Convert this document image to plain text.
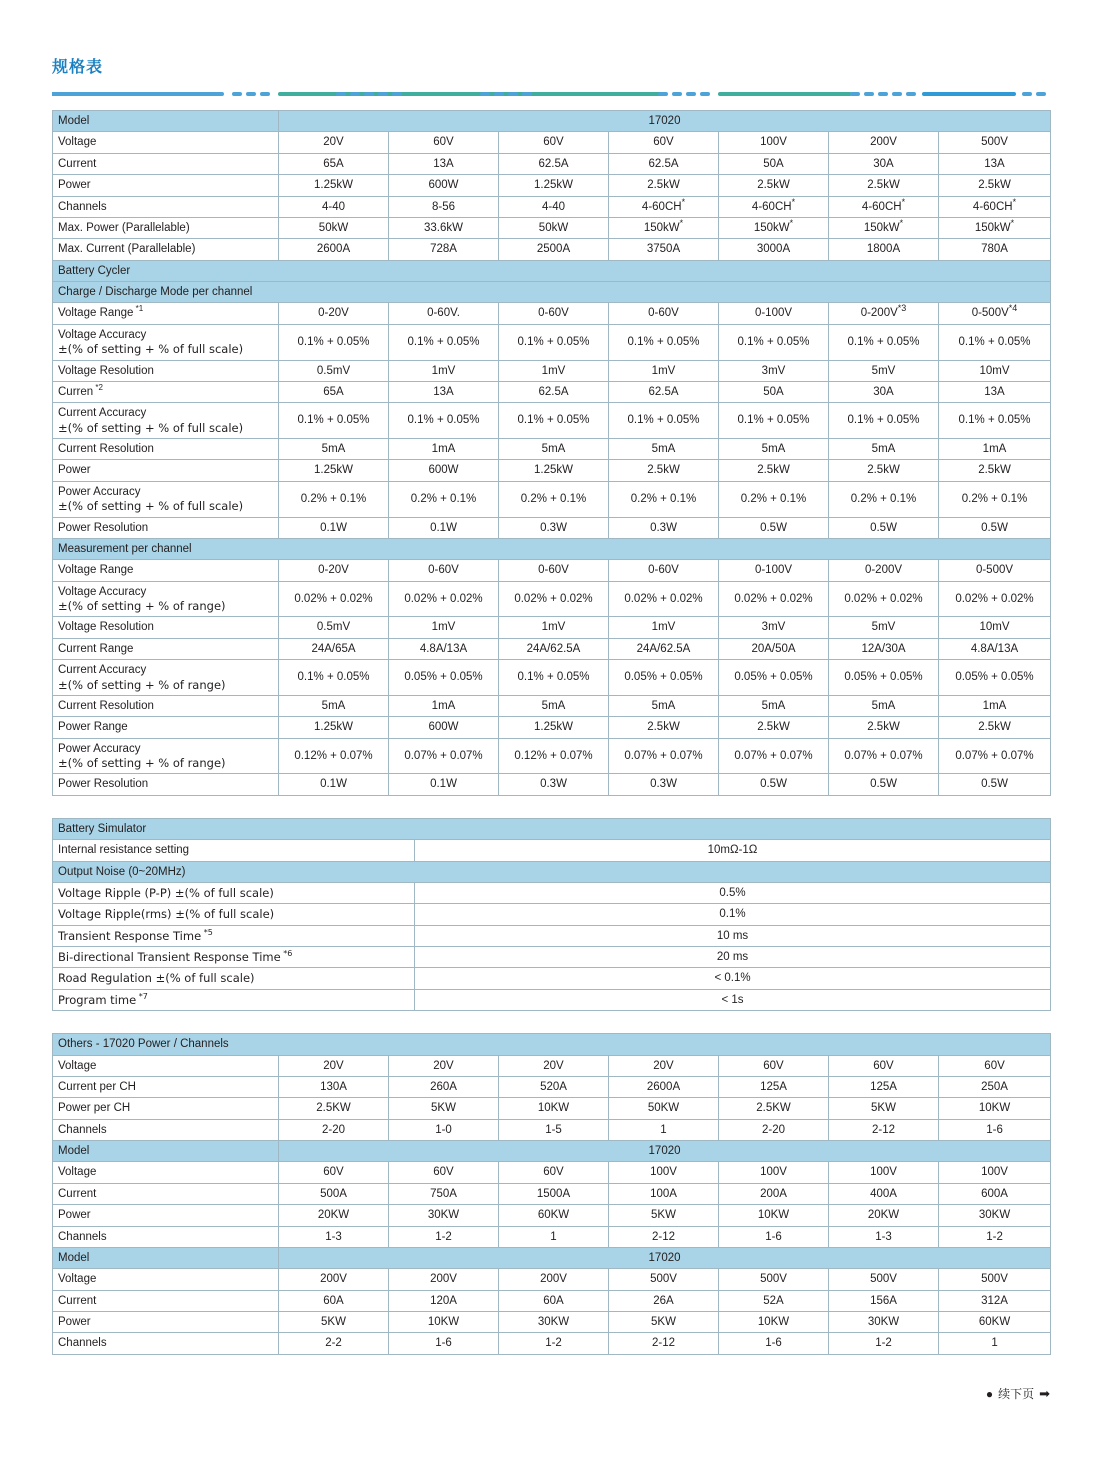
规格表
Model	17020						

Voltage	20V	60V	60V	60V	100V	200V	500V

Current	65A	13A	62.5A	62.5A	50A	30A	13A

Power	1.25kW	600W	1.25kW	2.5kW	2.5kW	2.5kW	2.5kW

Channels	4-40	8-56	4-40	4-60CH*	4-60CH*	4-60CH*	4-60CH*

Max. Power (Parallelable)	50kW	33.6kW	50kW	150kW*	150kW*	150kW*	150kW*

Max. Current (Parallelable)	2600A	728A	2500A	3750A	3000A	1800A	780A
Battery Cycler							
Charge / Discharge Mode per channel							

Voltage Range $^{*1}$	0-20V	0-60V.	0-60V	0-60V	0-100V	$0-200V^{*3}$	$0-500V^{*4}$

Voltage Accuracy
±(% of setting + % of full scale)	0.1% + 0.05%	0.1% + 0.05%	0.1% + 0.05%	0.1% + 0.05%	0.1% + 0.05%	0.1% + 0.05%	0.1% + 0.05%

Voltage Resolution	0.5mV	1mV	1mV	1mV	3mV	5mV	10mV

Curren $^{*2}$	65A	13A	62.5A	62.5A	50A	30A	13A

Current Accuracy
±(% of setting + % of full scale)	0.1% + 0.05%	0.1% + 0.05%	0.1% + 0.05%	0.1% + 0.05%	0.1% + 0.05%	0.1% + 0.05%	0.1% + 0.05%

Current Resolution	5mA	1mA	5mA	5mA	5mA	5mA	1mA

Power	1.25kW	600W	1.25kW	2.5kW	2.5kW	2.5kW	2.5kW

Power Accuracy
±(% of setting + % of full scale)	0.2% + 0.1%	0.2% + 0.1%	0.2% + 0.1%	0.2% + 0.1%	0.2% + 0.1%	0.2% + 0.1%	0.2% + 0.1%

Power Resolution	0.1W	0.1W	0.3W	0.3W	0.5W	0.5W	0.5W
Measurement per channel							

Voltage Range	0-20V	0-60V	0-60V	0-60V	0-100V	0-200V	0-500V

Voltage Accuracy
±(% of setting + % of range)	0.02% + 0.02%	0.02% + 0.02%	0.02% + 0.02%	0.02% + 0.02%	0.02% + 0.02%	0.02% + 0.02%	0.02% + 0.02%

Voltage Resolution	0.5mV	1mV	1mV	1mV	3mV	5mV	10mV

Current Range	24A/65A	4.8A/13A	24A/62.5A	24A/62.5A	20A/50A	12A/30A	4.8A/13A

Current Accuracy
±(% of setting + % of range)	0.1% + 0.05%	0.05% + 0.05%	0.1% + 0.05%	0.05% + 0.05%	0.05% + 0.05%	0.05% + 0.05%	0.05% + 0.05%

Current Resolution	5mA	1mA	5mA	5mA	5mA	5mA	1mA

Power Range	1.25kW	600W	1.25kW	2.5kW	2.5kW	2.5kW	2.5kW

Power Accuracy
±(% of setting + % of range)	0.12% + 0.07%	0.07% + 0.07%	0.12% + 0.07%	0.07% + 0.07%	0.07% + 0.07%	0.07% + 0.07%	0.07% + 0.07%

Power Resolution	0.1W	0.1W	0.3W	0.3W	0.5W	0.5W	0.5W
Battery Simulator	
Internal resistance setting	10mΩ-1Ω
Output Noise (0~20MHz)	
Voltage Ripple (P-P) ±(% of full scale)	0.5%
Voltage Ripple(rms) ±(% of full scale)	0.1%
Transient Response Time $^{*5}$	10 ms
Bi-directional Transient Response Time $^{*6}$	20 ms
Road Regulation ±(% of full scale)	< 0.1%
Program time $^{*7}$	< 1s
Others - 17020 Power / Channels							

Voltage	20V	20V	20V	20V	60V	60V	60V

Current per CH	130A	260A	520A	2600A	125A	125A	250A

Power per CH	2.5KW	5KW	10KW	50KW	2.5KW	5KW	10KW

Channels	2-20	1-0	1-5	1	2-20	2-12	1-6
Model	17020						

Voltage	60V	60V	60V	100V	100V	100V	100V

Current	500A	750A	1500A	100A	200A	400A	600A

Power	20KW	30KW	60KW	5KW	10KW	20KW	30KW

Channels	1-3	1-2	1	2-12	1-6	1-3	1-2
Model	17020						

Voltage	200V	200V	200V	500V	500V	500V	500V

Current	60A	120A	60A	26A	52A	156A	312A

Power	5KW	10KW	30KW	5KW	10KW	30KW	60KW

Channels	2-2	1-6	1-2	2-12	1-6	1-2	1
● 续下页 ➡
